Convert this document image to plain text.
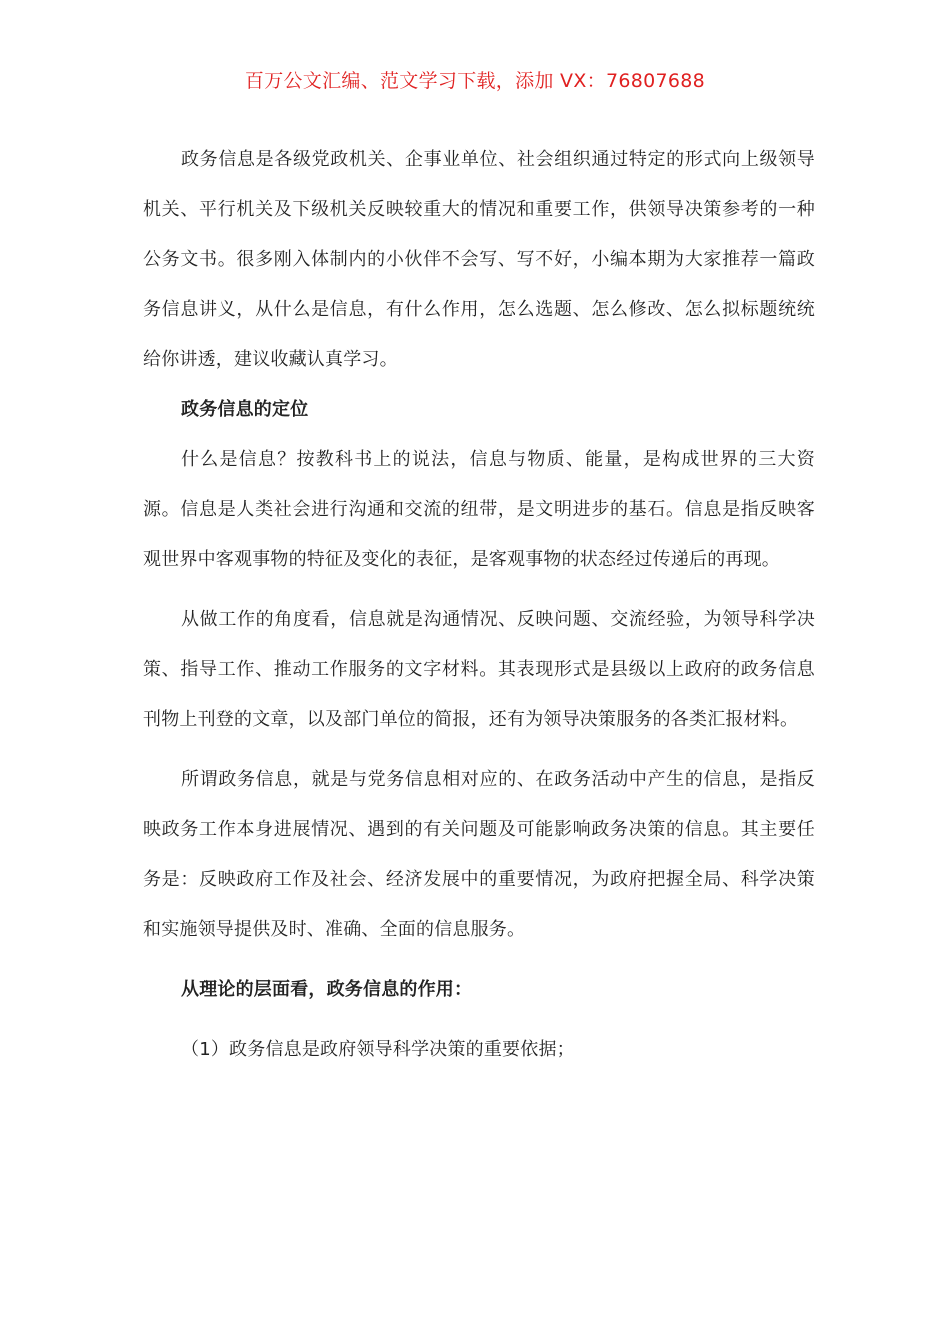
百万公文汇编、范文学习下载，添加 VX：76807688

政务信息是各级党政机关、企事业单位、社会组织通过特定的形式向上级领导机关、平行机关及下级机关反映较重大的情况和重要工作，供领导决策参考的一种公务文书。很多刚入体制内的小伙伴不会写、写不好，小编本期为大家推荐一篇政务信息讲义，从什么是信息，有什么作用，怎么选题、怎么修改、怎么拟标题统统给你讲透，建议收藏认真学习。

政务信息的定位

什么是信息？按教科书上的说法，信息与物质、能量，是构成世界的三大资源。信息是人类社会进行沟通和交流的纽带，是文明进步的基石。信息是指反映客观世界中客观事物的特征及变化的表征，是客观事物的状态经过传递后的再现。

从做工作的角度看，信息就是沟通情况、反映问题、交流经验，为领导科学决策、指导工作、推动工作服务的文字材料。其表现形式是县级以上政府的政务信息刊物上刊登的文章，以及部门单位的简报，还有为领导决策服务的各类汇报材料。

所谓政务信息，就是与党务信息相对应的、在政务活动中产生的信息，是指反映政务工作本身进展情况、遇到的有关问题及可能影响政务决策的信息。其主要任务是：反映政府工作及社会、经济发展中的重要情况，为政府把握全局、科学决策和实施领导提供及时、准确、全面的信息服务。

从理论的层面看，政务信息的作用：

（1）政务信息是政府领导科学决策的重要依据；
